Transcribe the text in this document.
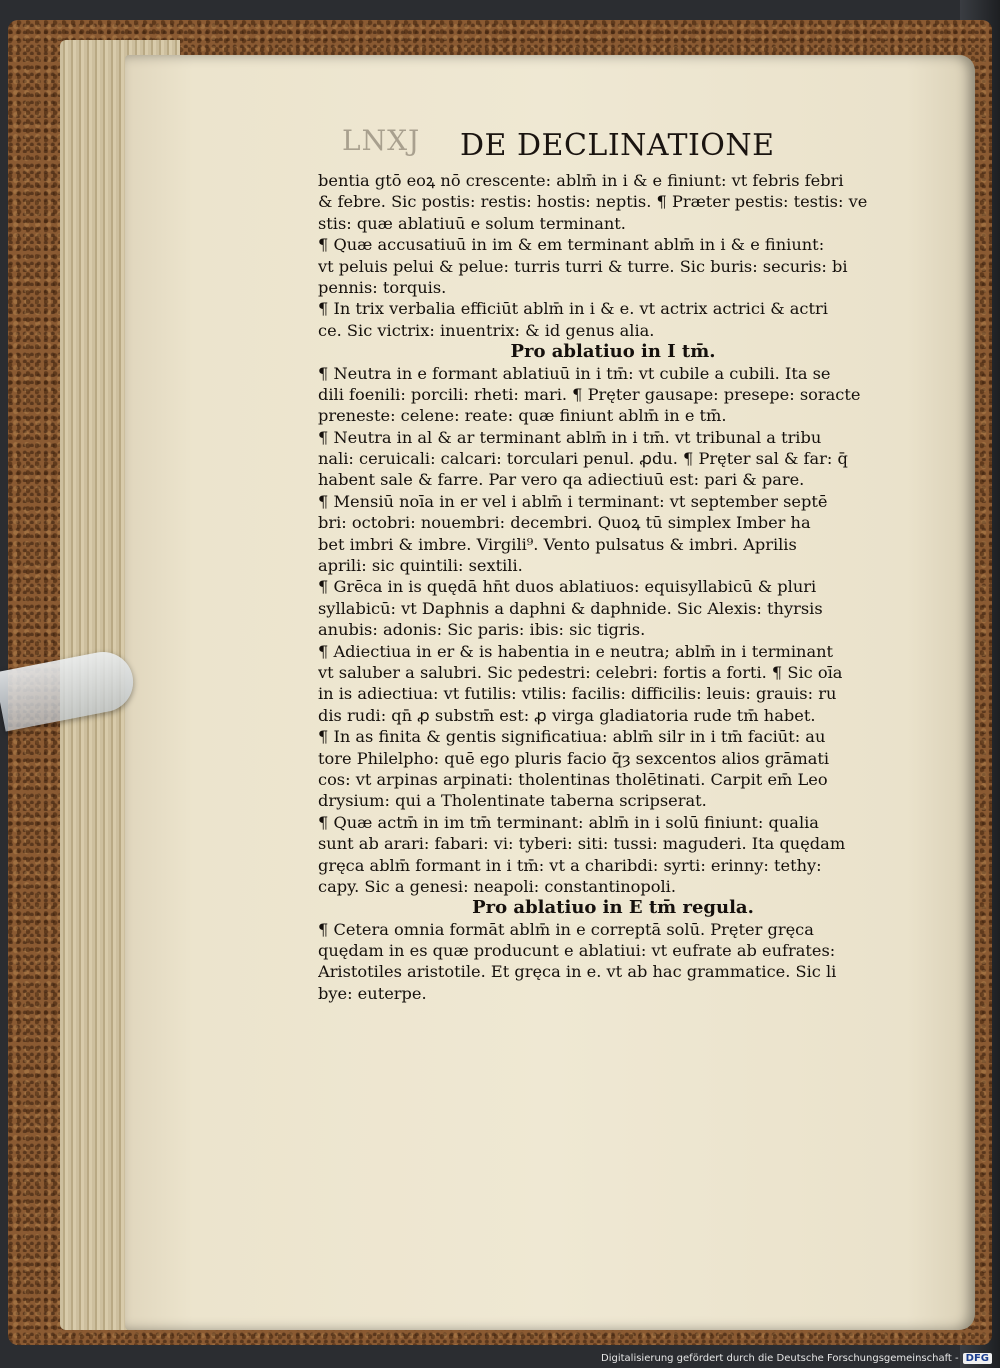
LNXJ DE DECLINATIONE
bentia gtō eoꝝ nō crescente: ablm̄ in i & e finiunt: vt febris febri
& febre. Sic postis: restis: hostis: neptis. ¶ Præter pestis: testis: ve
stis: quæ ablatiuū e solum terminant.
¶ Quæ accusatiuū in im & em terminant ablm̄ in i & e finiunt:
vt peluis pelui & pelue: turris turri & turre. Sic buris: securis: bi
pennis: torquis.
¶ In trix verbalia efficiūt ablm̄ in i & e. vt actrix actrici & actri
ce. Sic victrix: inuentrix: & id genus alia.
Pro ablatiuo in I tm̄.
¶ Neutra in e formant ablatiuū in i tm̄: vt cubile a cubili. Ita se
dili foenili: porcili: rheti: mari. ¶ Pręter gausape: presepe: soracte
preneste: celene: reate: quæ finiunt ablm̄ in e tm̄.
¶ Neutra in al & ar terminant ablm̄ in i tm̄. vt tribunal a tribu
nali: ceruicali: calcari: torculari penul. ꝓdu. ¶ Pręter sal & far: q̄
habent sale & farre. Par vero qa adiectiuū est: pari & pare.
¶ Mensiū noīa in er vel i ablm̄ i terminant: vt september septē
bri: octobri: nouembri: decembri. Quoꝝ tū simplex Imber ha
bet imbri & imbre. Virgili⁹. Vento pulsatus & imbri. Aprilis
aprili: sic quintili: sextili.
¶ Grēca in is quędā hn̄t duos ablatiuos: equisyllabicū & pluri
syllabicū: vt Daphnis a daphni & daphnide. Sic Alexis: thyrsis
anubis: adonis: Sic paris: ibis: sic tigris.
¶ Adiectiua in er & is habentia in e neutra; ablm̄ in i terminant
vt saluber a salubri. Sic pedestri: celebri: fortis a forti. ¶ Sic oīa
in is adiectiua: vt futilis: vtilis: facilis: difficilis: leuis: grauis: ru
dis rudi: qn̄ ꝓ substm̄ est: ꝓ virga gladiatoria rude tm̄ habet.
¶ In as finita & gentis significatiua: ablm̄ silr in i tm̄ faciūt: au
tore Philelpho: quē ego pluris facio q̄ȝ sexcentos alios grāmati
cos: vt arpinas arpinati: tholentinas tholētinati. Carpit em̄ Leo
drysium: qui a Tholentinate taberna scripserat.
¶ Quæ actm̄ in im tm̄ terminant: ablm̄ in i solū finiunt: qualia
sunt ab arari: fabari: vi: tyberi: siti: tussi: maguderi. Ita quędam
gręca ablm̄ formant in i tm̄: vt a charibdi: syrti: erinny: tethy:
capy. Sic a genesi: neapoli: constantinopoli.
Pro ablatiuo in E tm̄ regula.
¶ Cetera omnia formāt ablm̄ in e correptā solū. Pręter gręca
quędam in es quæ producunt e ablatiui: vt eufrate ab eufrates:
Aristotiles aristotile. Et gręca in e. vt ab hac grammatice. Sic li
bye: euterpe.
Digitalisierung gefördert durch die Deutsche Forschungsgemeinschaft - DFG
